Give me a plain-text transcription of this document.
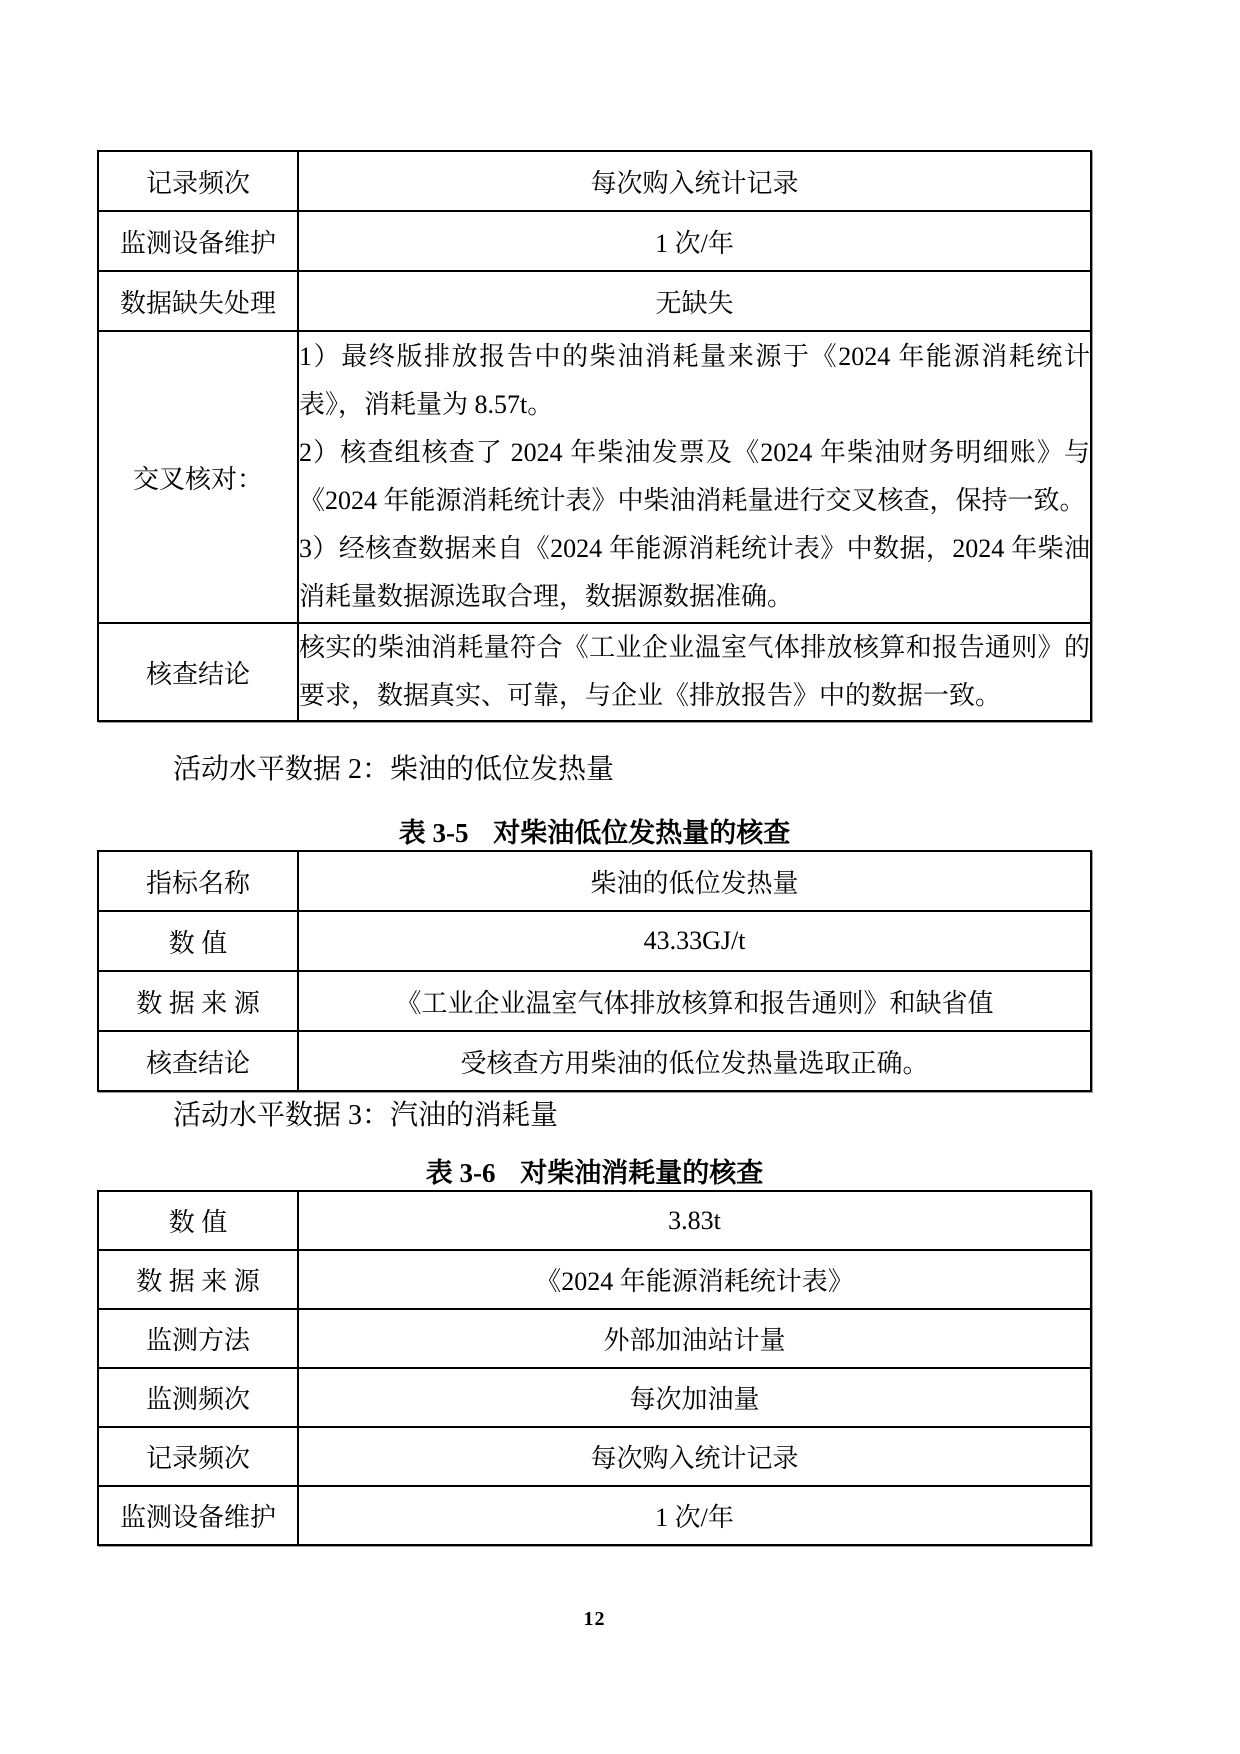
记录频次	每次购入统计记录
监测设备维护	1 次/年
数据缺失处理	无缺失
交叉核对：	1）最终版排放报告中的柴油消耗量来源于《2024 年能源消耗统计表》，消耗量为 8.57t。

2）核查组核查了 2024 年柴油发票及《2024 年柴油财务明细账》与《2024 年能源消耗统计表》中柴油消耗量进行交叉核查，保持一致。

3）经核查数据来自《2024 年能源消耗统计表》中数据，2024 年柴油消耗量数据源选取合理，数据源数据准确。

核查结论	核实的柴油消耗量符合《工业企业温室气体排放核算和报告通则》的要求，数据真实、可靠，与企业《排放报告》中的数据一致。

活动水平数据 2：柴油的低位发热量

表 3-5 对柴油低位发热量的核查

指标名称	柴油的低位发热量
数 值	43.33GJ/t
数 据 来 源	《工业企业温室气体排放核算和报告通则》和缺省值
核查结论	受核查方用柴油的低位发热量选取正确。

活动水平数据 3：汽油的消耗量

表 3-6 对柴油消耗量的核查

数 值	3.83t
数 据 来 源	《2024 年能源消耗统计表》
监测方法	外部加油站计量
监测频次	每次加油量
记录频次	每次购入统计记录
监测设备维护	1 次/年
12
